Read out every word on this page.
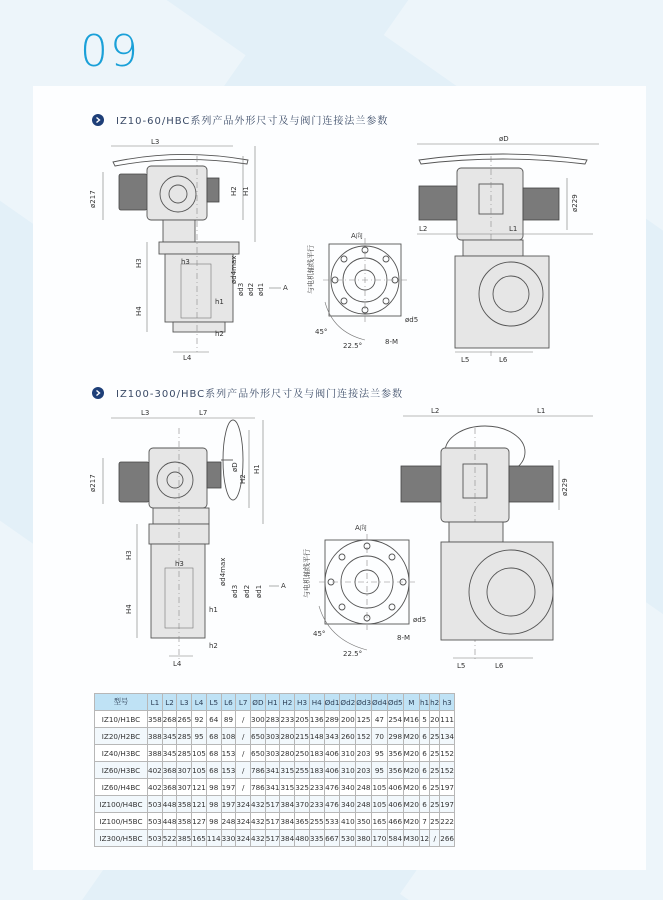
09
IZ10-60/HBC系列产品外形尺寸及与阀门连接法兰参数
L3
ø217	H2 H1
H3
H4
h3
h1
h2
L4
ød4max
ød3 ød2 ød1	A
A向
与电机轴线平行
ød5
45°
22.5°	8-M
øD
L2	L1
ø229
L5	L6
IZ100-300/HBC系列产品外形尺寸及与阀门连接法兰参数
L3	L7
ø217
øD
H2
H1
H3
H4
h3
h1
h2
L4
ød4max
ød3 ød2 ød1	A
A向
与电机轴线平行
ød5
45°
22.5°
8-M
L2	L1
ø229
L5	L6
型号	L1	L2	L3	L4	L5	L6	L7	ØD	H1	H2	H3	H4	Ød1	Ød2	Ød3	Ød4	Ød5	M	h1	h2	h3
IZ10/H1BC	358	268	265	92	64	89	/	300	283	233	205	136	289	200	125	47	254	M16	5	20	111
IZ20/H2BC	388	345	285	95	68	108	/	650	303	280	215	148	343	260	152	70	298	M20	6	25	134
IZ40/H3BC	388	345	285	105	68	153	/	650	303	280	250	183	406	310	203	95	356	M20	6	25	152
IZ60/H3BC	402	368	307	105	68	153	/	786	341	315	255	183	406	310	203	95	356	M20	6	25	152
IZ60/H4BC	402	368	307	121	98	197	/	786	341	315	325	233	476	340	248	105	406	M20	6	25	197
IZ100/H4BC	503	448	358	121	98	197	324	432	517	384	370	233	476	340	248	105	406	M20	6	25	197
IZ100/H5BC	503	448	358	127	98	248	324	432	517	384	365	255	533	410	350	165	466	M20	7	25	222
IZ300/H5BC	503	522	385	165	114	330	324	432	517	384	480	335	667	530	380	170	584	M30	12	/	266
